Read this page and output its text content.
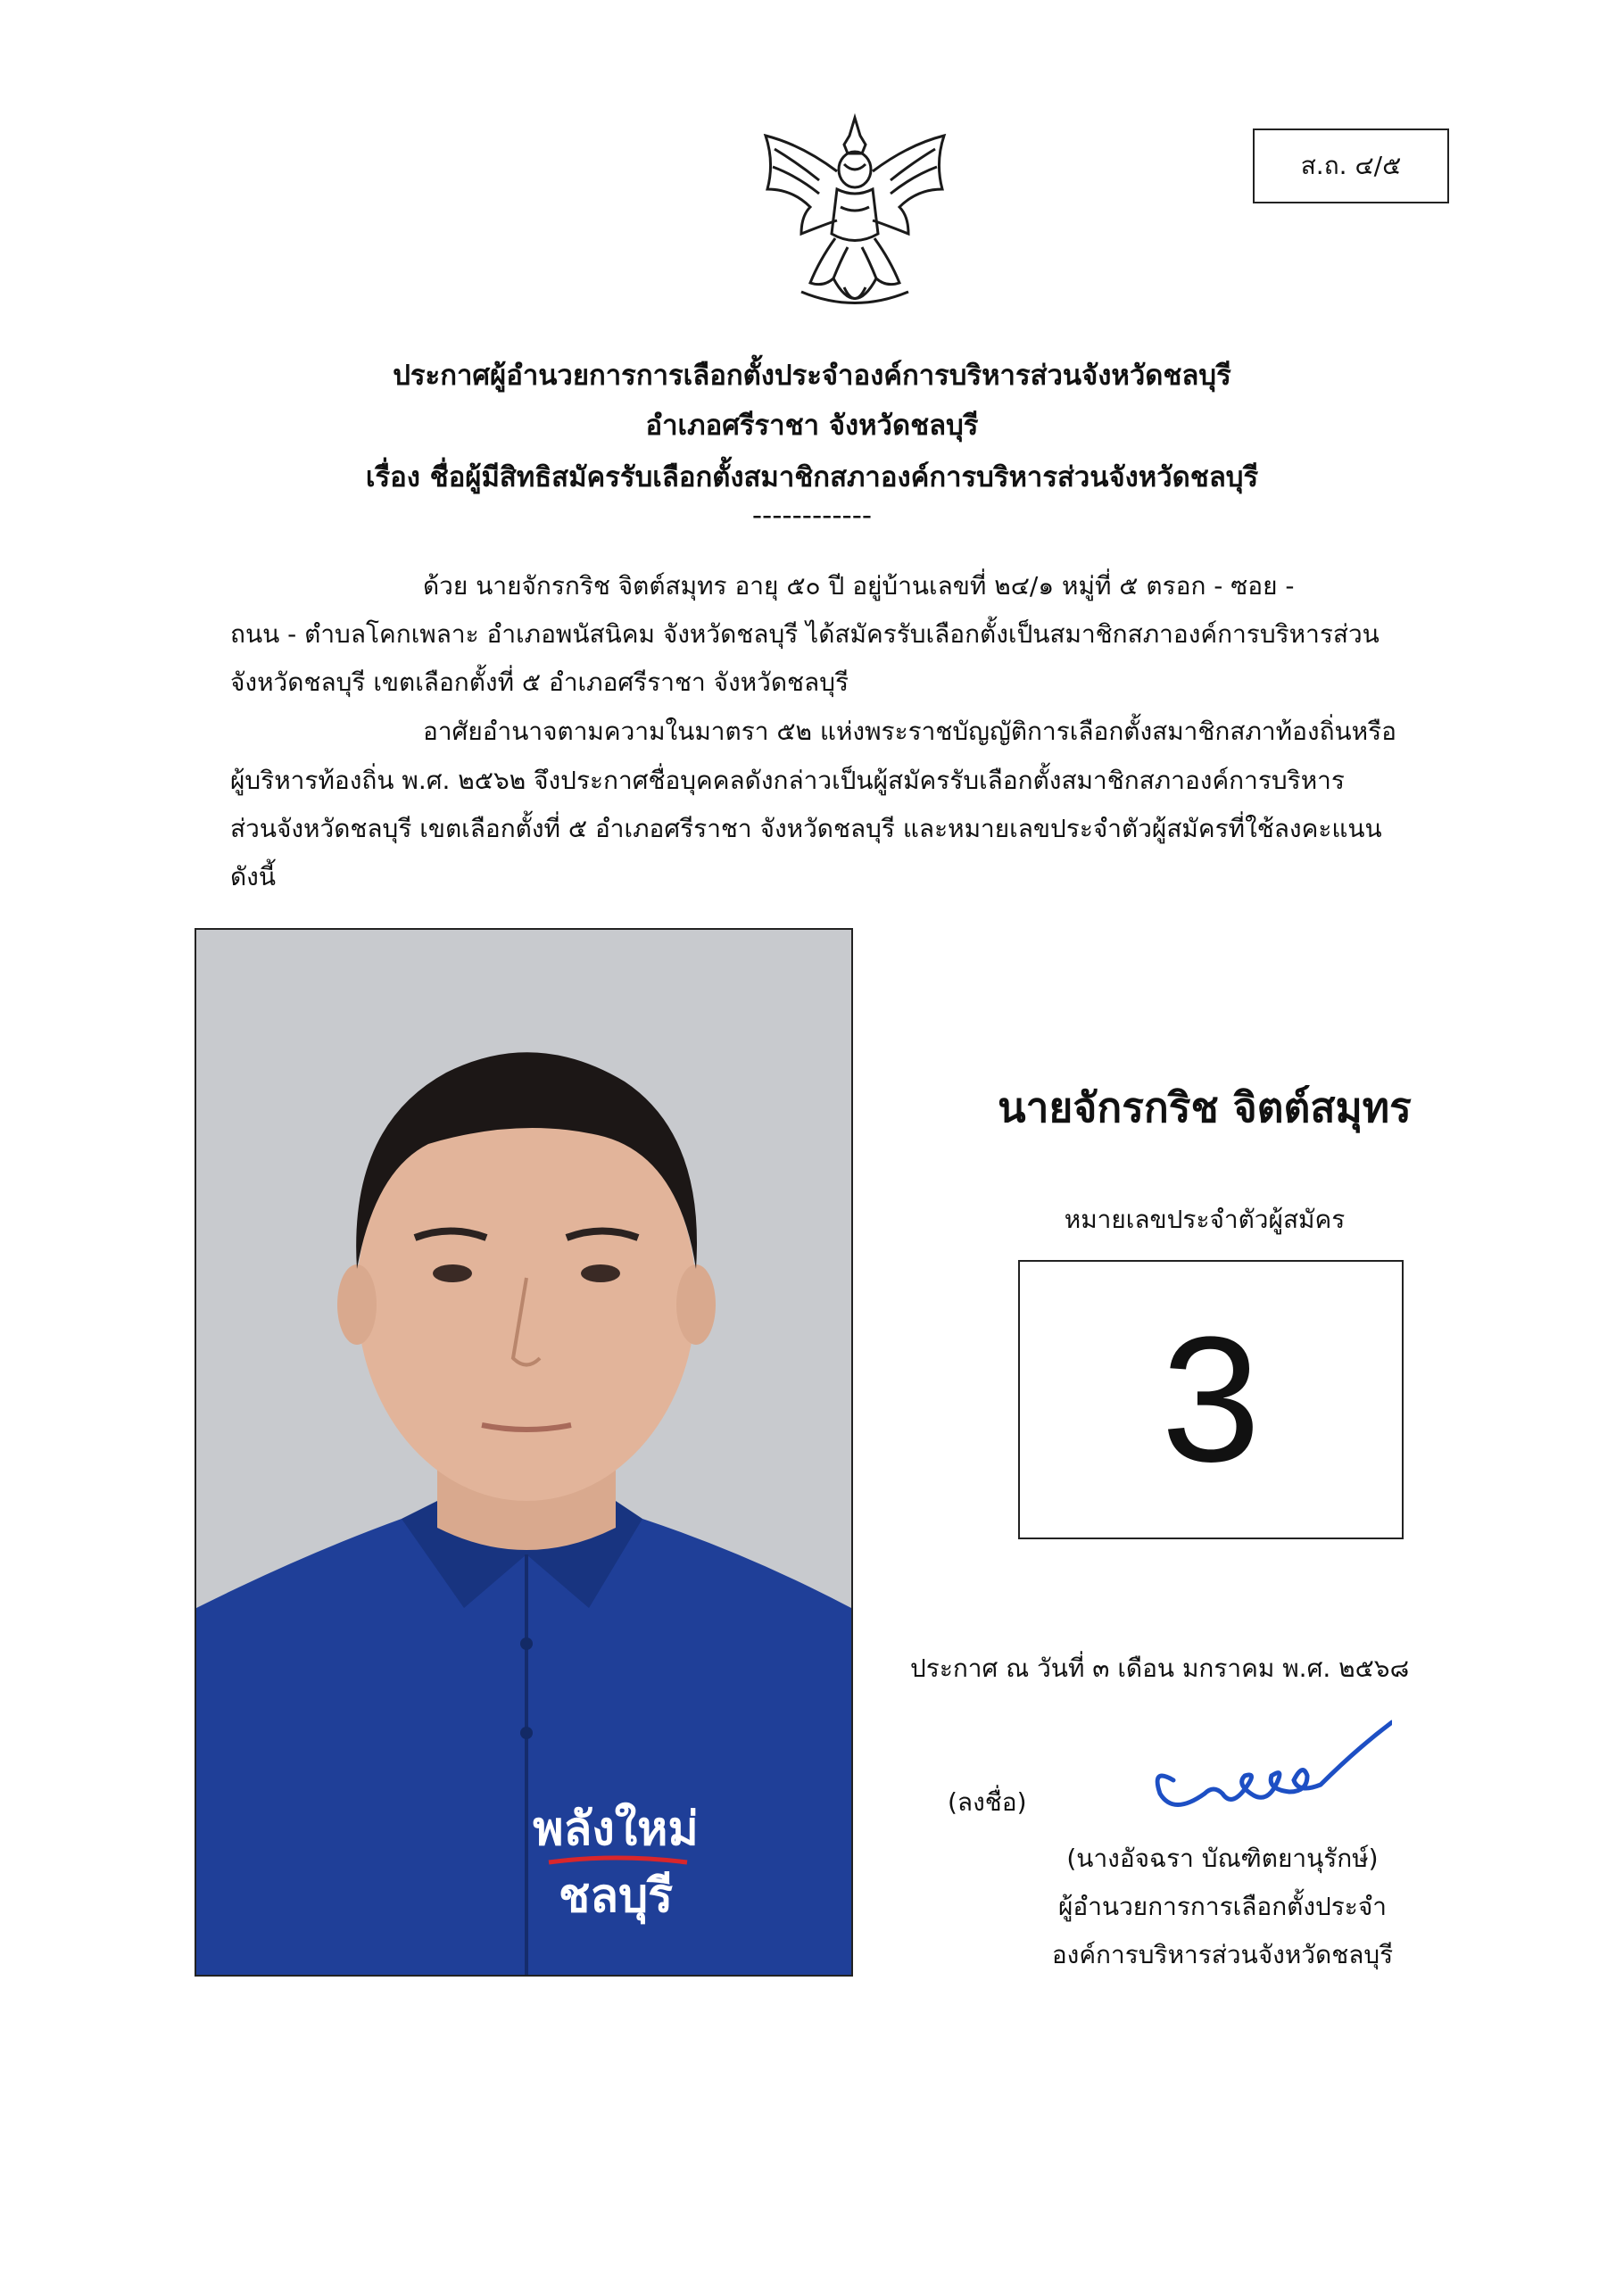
ส.ถ. ๔/๕
ประกาศผู้อำนวยการการเลือกตั้งประจำองค์การบริหารส่วนจังหวัดชลบุรี
อำเภอศรีราชา จังหวัดชลบุรี
เรื่อง ชื่อผู้มีสิทธิสมัครรับเลือกตั้งสมาชิกสภาองค์การบริหารส่วนจังหวัดชลบุรี
------------
ด้วย นายจักรกริช จิตต์สมุทร อายุ ๕๐ ปี อยู่บ้านเลขที่ ๒๔/๑ หมู่ที่ ๕ ตรอก - ซอย -
ถนน - ตำบลโคกเพลาะ อำเภอพนัสนิคม จังหวัดชลบุรี ได้สมัครรับเลือกตั้งเป็นสมาชิกสภาองค์การบริหารส่วน
จังหวัดชลบุรี เขตเลือกตั้งที่ ๕ อำเภอศรีราชา จังหวัดชลบุรี
อาศัยอำนาจตามความในมาตรา ๕๒ แห่งพระราชบัญญัติการเลือกตั้งสมาชิกสภาท้องถิ่นหรือ
ผู้บริหารท้องถิ่น พ.ศ. ๒๕๖๒ จึงประกาศชื่อบุคคลดังกล่าวเป็นผู้สมัครรับเลือกตั้งสมาชิกสภาองค์การบริหาร
ส่วนจังหวัดชลบุรี เขตเลือกตั้งที่ ๕ อำเภอศรีราชา จังหวัดชลบุรี และหมายเลขประจำตัวผู้สมัครที่ใช้ลงคะแนน
ดังนี้
พลังใหม่
ชลบุรี
นายจักรกริช จิตต์สมุทร
หมายเลขประจำตัวผู้สมัคร
3
ประกาศ ณ วันที่ ๓ เดือน มกราคม พ.ศ. ๒๕๖๘
(ลงชื่อ)
(นางอัจฉรา บัณฑิตยานุรักษ์)
ผู้อำนวยการการเลือกตั้งประจำ
องค์การบริหารส่วนจังหวัดชลบุรี
